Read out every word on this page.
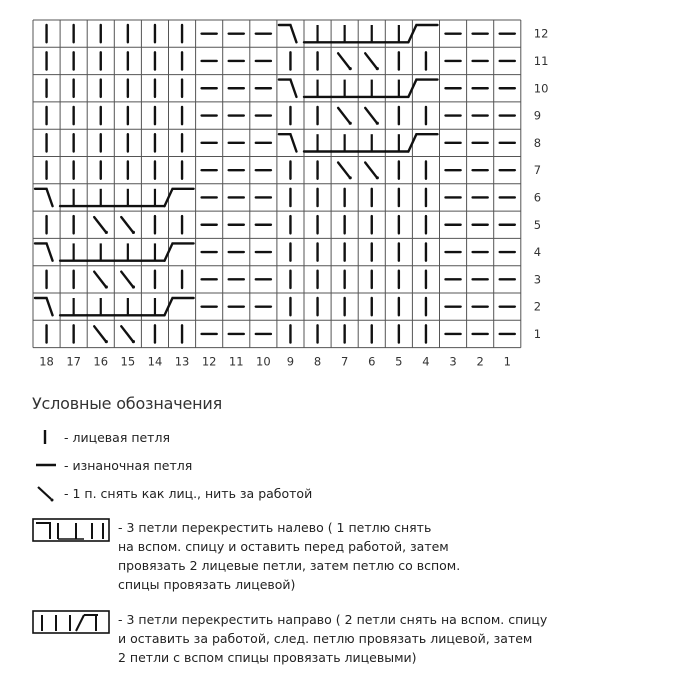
12
11
10
9
8
7
6
5
4
3
2
1
18 17 16 15 14 13 12 11 10 9 8 7 6 5 4 3 2 1
Условные обозначения
- лицевая петля
- изнаночная петля
- 1 п. снять как лиц., нить за работой
- 3 петли перекрестить налево ( 1 петлю снять
на вспом. спицу и оставить перед работой, затем
провязать 2 лицевые петли, затем петлю со вспом.
спицы провязать лицевой)
- 3 петли перекрестить направо ( 2 петли снять на вспом. спицу
и оставить за работой, след. петлю провязать лицевой, затем
2 петли с вспом спицы провязать лицевыми)
